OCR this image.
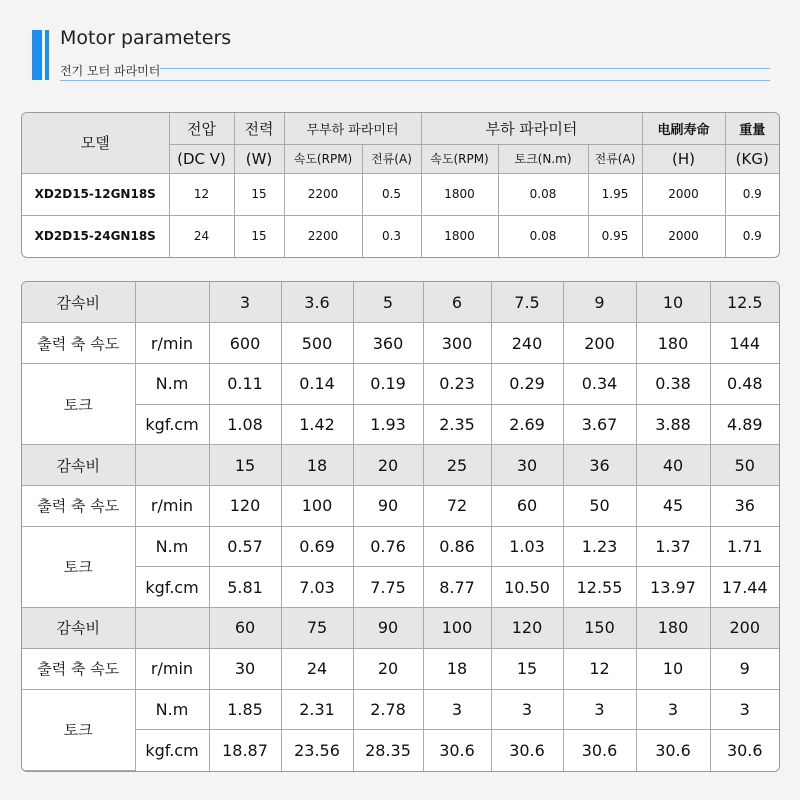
Motor parameters
전기 모터 파라미터
모델	전압	전력	무부하 파라미터		부하 파라미터			电刷寿命	重量
	(DC V)	(W)	속도(RPM)	전류(A)	속도(RPM)	토크(N.m)	전류(A)	(H)	(KG)
XD2D15-12GN18S	12	15	2200	0.5	1800	0.08	1.95	2000	0.9
XD2D15-24GN18S	24	15	2200	0.3	1800	0.08	0.95	2000	0.9
감속비		3	3.6	5	6	7.5	9	10	12.5
출력 축 속도	r/min	600	500	360	300	240	200	180	144
토크	N.m	0.11	0.14	0.19	0.23	0.29	0.34	0.38	0.48
	kgf.cm	1.08	1.42	1.93	2.35	2.69	3.67	3.88	4.89
감속비		15	18	20	25	30	36	40	50
출력 축 속도	r/min	120	100	90	72	60	50	45	36
토크	N.m	0.57	0.69	0.76	0.86	1.03	1.23	1.37	1.71
	kgf.cm	5.81	7.03	7.75	8.77	10.50	12.55	13.97	17.44
감속비		60	75	90	100	120	150	180	200
출력 축 속도	r/min	30	24	20	18	15	12	10	9
토크	N.m	1.85	2.31	2.78	3	3	3	3	3
	kgf.cm	18.87	23.56	28.35	30.6	30.6	30.6	30.6	30.6
